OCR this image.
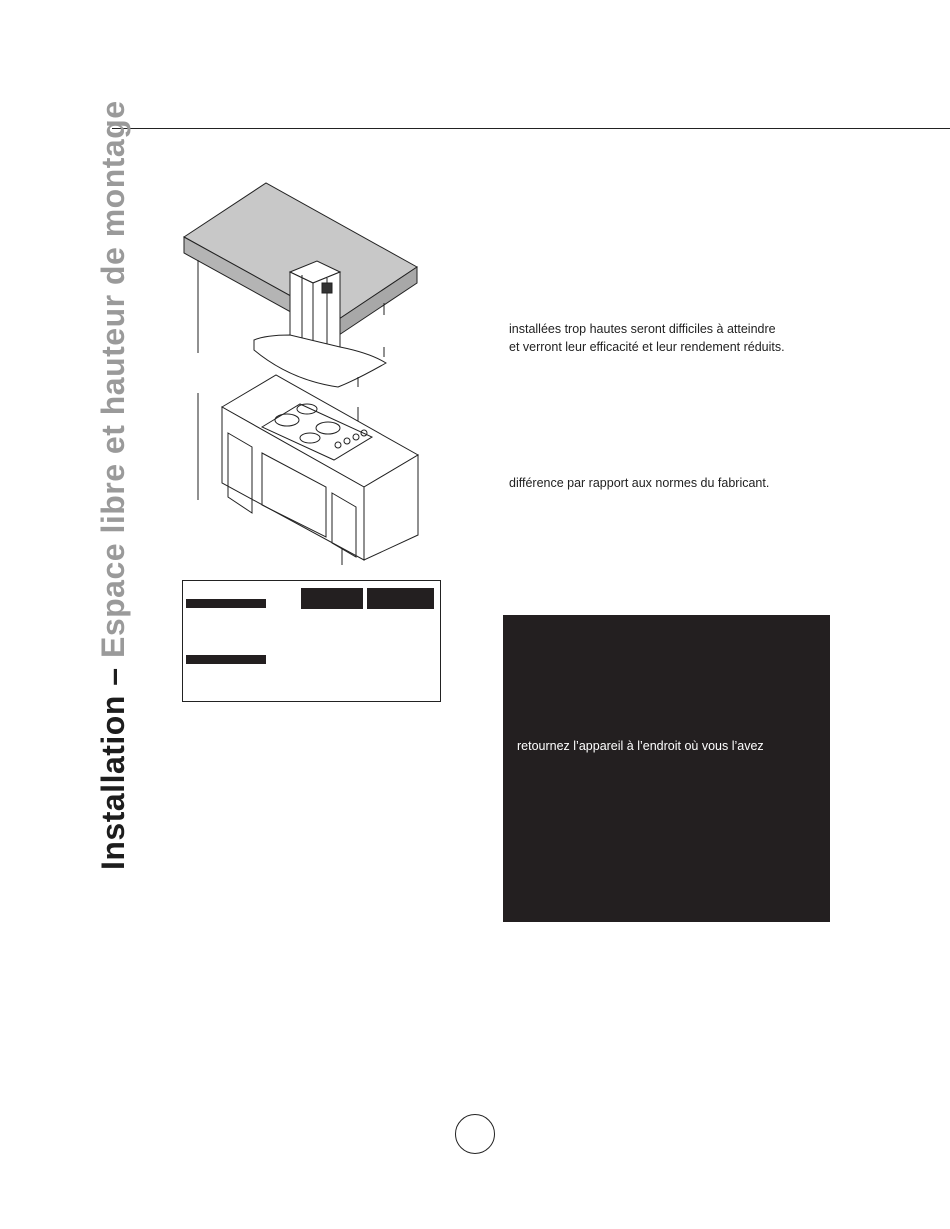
Installation – Espace libre et hauteur de montage	installées trop hautes seront difficiles à atteindre
et verront leur efficacité et leur rendement réduits.
différence par rapport aux normes du fabricant.
retournez l’appareil à l’endroit où vous l’avez
